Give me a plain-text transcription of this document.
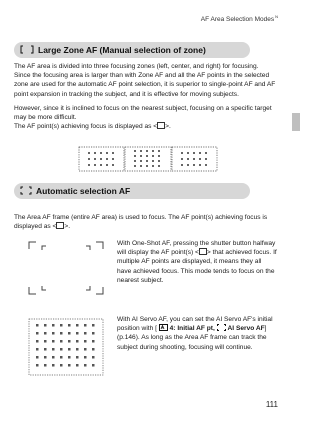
AF Area Selection Modes$^N$
Large Zone AF (Manual selection of zone)
The AF area is divided into three focusing zones (left, center, and right) for focusing. Since the focusing area is larger than with Zone AF and all the AF points in the selected zone are used for the automatic AF point selection, it is superior to single-point AF and AF point expansion in tracking the subject, and it is effective for moving subjects.
However, since it is inclined to focus on the nearest subject, focusing on a specific target may be more difficult.
The AF point(s) achieving focus is displayed as < >.
Automatic selection AF
The Area AF frame (entire AF area) is used to focus. The AF point(s) achieving focus is displayed as < >.
With One-Shot AF, pressing the shutter button halfway will display the AF point(s) < > that achieved focus. If multiple AF points are displayed, it means they all have achieved focus. This mode tends to focus on the nearest subject.
With AI Servo AF, you can set the AI Servo AF's initial position with [ 4: Initial AF pt, AI Servo AF] (p.146). As long as the Area AF frame can track the subject during shooting, focusing will continue.
111
